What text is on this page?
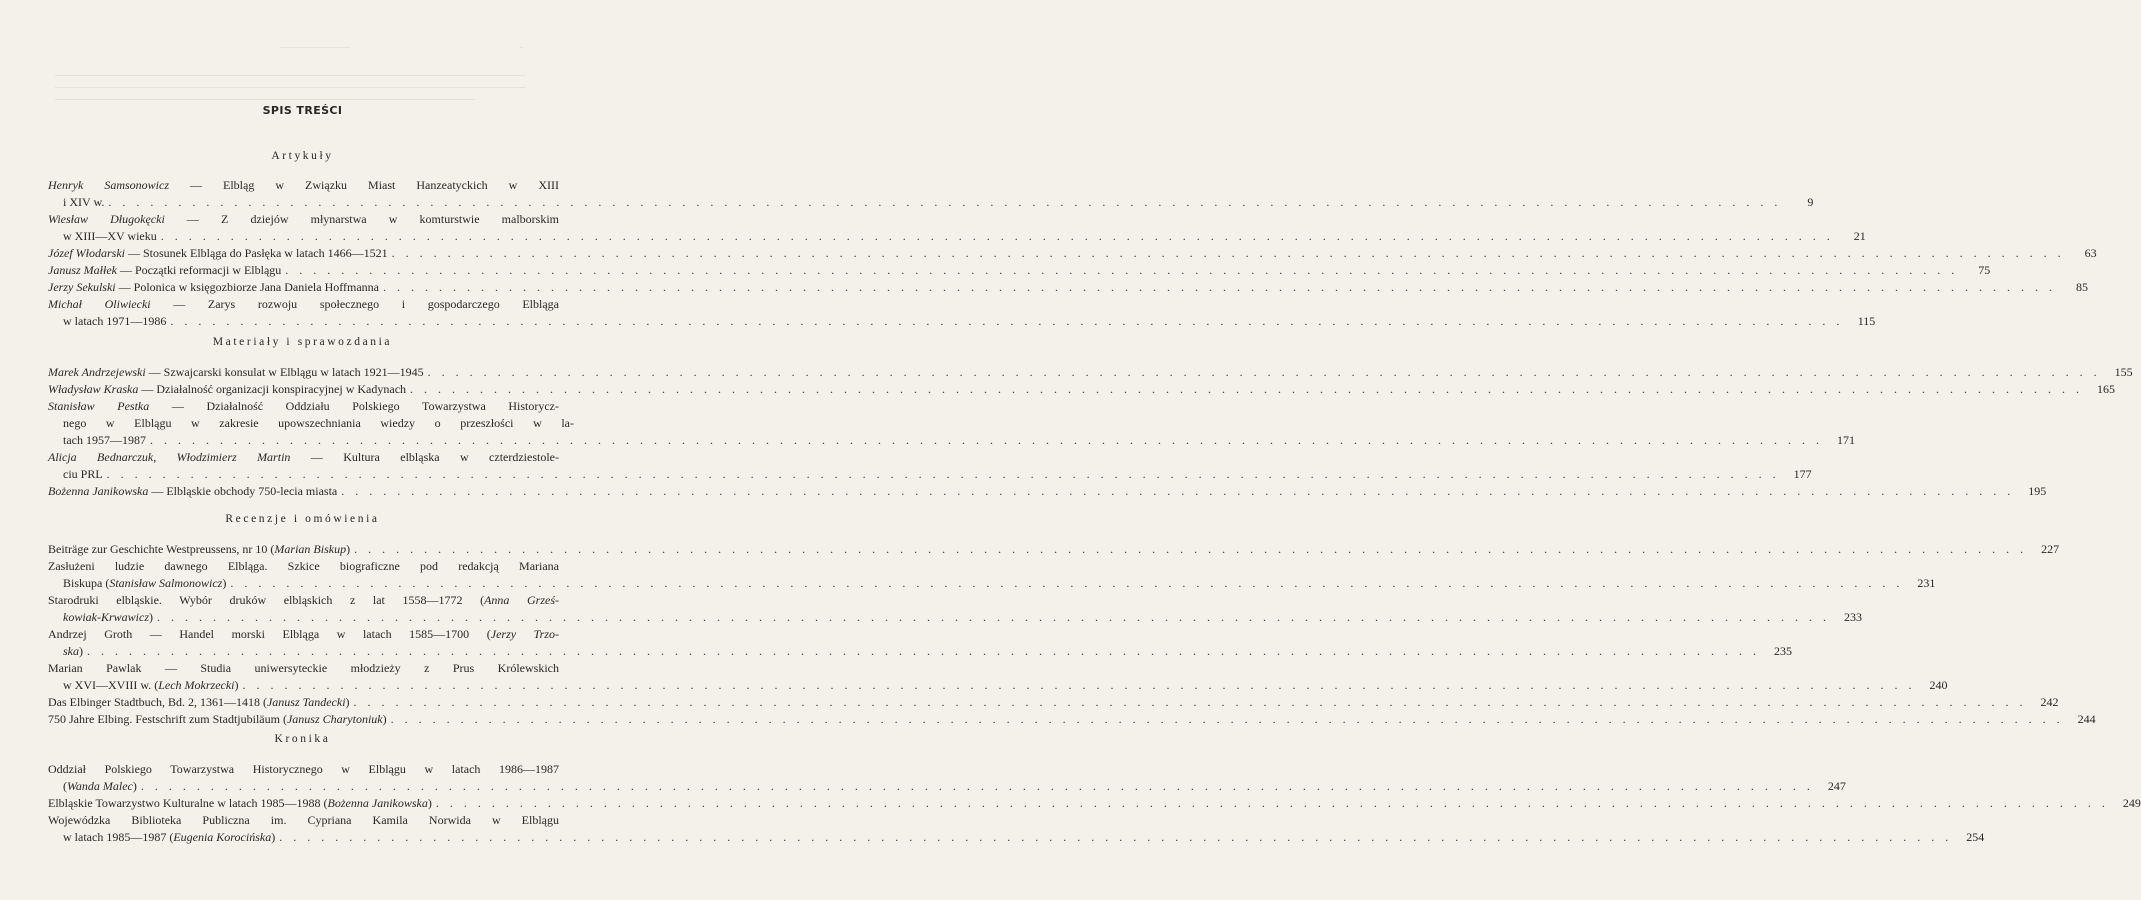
SPIS TREŚCI
Artykuły
Henryk Samsonowicz — Elbląg w Związku Miast Hanzeatyckich w XIII
i XIV w. . . . . . . . . . . . . . . . . . . . . . . . . . . . . . . . . . . . . . . . . . . . . . . . . . . . . . . . . . . . . . . . . . . . . . . . . . . . . . . . . . . . . . . . . . . . . . . . . . . . . . . . . . . . . . . . . . . . . . . . .	9
Wiesław Długokęcki — Z dziejów młynarstwa w komturstwie malborskim
w XIII—XV wieku . . . . . . . . . . . . . . . . . . . . . . . . . . . . . . . . . . . . . . . . . . . . . . . . . . . . . . . . . . . . . . . . . . . . . . . . . . . . . . . . . . . . . . . . . . . . . . . . . . . . . . . . . . . . . . . . . . . . . . . .	21
Józef Włodarski — Stosunek Elbląga do Pasłęka w latach 1466—1521 . . . . . . . . . . . . . . . . . . . . . . . . . . . . . . . . . . . . . . . . . . . . . . . . . . . . . . . . . . . . . . . . . . . . . . . . . . . . . . . . . . . . . . . . . . . . . . . . . . . . . . . . . . . . . . . . . . . . . . . .	63
Janusz Małłek — Początki reformacji w Elblągu . . . . . . . . . . . . . . . . . . . . . . . . . . . . . . . . . . . . . . . . . . . . . . . . . . . . . . . . . . . . . . . . . . . . . . . . . . . . . . . . . . . . . . . . . . . . . . . . . . . . . . . . . . . . . . . . . . . . . . . .	75
Jerzy Sekulski — Polonica w księgozbiorze Jana Daniela Hoffmanna . . . . . . . . . . . . . . . . . . . . . . . . . . . . . . . . . . . . . . . . . . . . . . . . . . . . . . . . . . . . . . . . . . . . . . . . . . . . . . . . . . . . . . . . . . . . . . . . . . . . . . . . . . . . . . . . . . . . . . . .	85
Michał Oliwiecki — Zarys rozwoju społecznego i gospodarczego Elbląga
w latach 1971—1986 . . . . . . . . . . . . . . . . . . . . . . . . . . . . . . . . . . . . . . . . . . . . . . . . . . . . . . . . . . . . . . . . . . . . . . . . . . . . . . . . . . . . . . . . . . . . . . . . . . . . . . . . . . . . . . . . . . . . . . . .	115
Materiały i sprawozdania
Marek Andrzejewski — Szwajcarski konsulat w Elblągu w latach 1921—1945 . . . . . . . . . . . . . . . . . . . . . . . . . . . . . . . . . . . . . . . . . . . . . . . . . . . . . . . . . . . . . . . . . . . . . . . . . . . . . . . . . . . . . . . . . . . . . . . . . . . . . . . . . . . . . . . . . . . . . . . .	155
Władysław Kraska — Działalność organizacji konspiracyjnej w Kadynach . . . . . . . . . . . . . . . . . . . . . . . . . . . . . . . . . . . . . . . . . . . . . . . . . . . . . . . . . . . . . . . . . . . . . . . . . . . . . . . . . . . . . . . . . . . . . . . . . . . . . . . . . . . . . . . . . . . . . . . .	165
Stanisław Pestka — Działalność Oddziału Polskiego Towarzystwa Historycz-
nego w Elblągu w zakresie upowszechniania wiedzy o przeszłości w la-
tach 1957—1987 . . . . . . . . . . . . . . . . . . . . . . . . . . . . . . . . . . . . . . . . . . . . . . . . . . . . . . . . . . . . . . . . . . . . . . . . . . . . . . . . . . . . . . . . . . . . . . . . . . . . . . . . . . . . . . . . . . . . . . . .	171
Alicja Bednarczuk, Włodzimierz Martin — Kultura elbląska w czterdziestole-
ciu PRL . . . . . . . . . . . . . . . . . . . . . . . . . . . . . . . . . . . . . . . . . . . . . . . . . . . . . . . . . . . . . . . . . . . . . . . . . . . . . . . . . . . . . . . . . . . . . . . . . . . . . . . . . . . . . . . . . . . . . . . .	177
Bożenna Janikowska — Elbląskie obchody 750-lecia miasta . . . . . . . . . . . . . . . . . . . . . . . . . . . . . . . . . . . . . . . . . . . . . . . . . . . . . . . . . . . . . . . . . . . . . . . . . . . . . . . . . . . . . . . . . . . . . . . . . . . . . . . . . . . . . . . . . . . . . . . .	195
Recenzje i omówienia
Beiträge zur Geschichte Westpreussens, nr 10 (Marian Biskup) . . . . . . . . . . . . . . . . . . . . . . . . . . . . . . . . . . . . . . . . . . . . . . . . . . . . . . . . . . . . . . . . . . . . . . . . . . . . . . . . . . . . . . . . . . . . . . . . . . . . . . . . . . . . . . . . . . . . . . . .	227
Zasłużeni ludzie dawnego Elbląga. Szkice biograficzne pod redakcją Mariana
Biskupa (Stanisław Salmonowicz) . . . . . . . . . . . . . . . . . . . . . . . . . . . . . . . . . . . . . . . . . . . . . . . . . . . . . . . . . . . . . . . . . . . . . . . . . . . . . . . . . . . . . . . . . . . . . . . . . . . . . . . . . . . . . . . . . . . . . . . .	231
Starodruki elbląskie. Wybór druków elbląskich z lat 1558—1772 (Anna Grześ-
kowiak-Krwawicz) . . . . . . . . . . . . . . . . . . . . . . . . . . . . . . . . . . . . . . . . . . . . . . . . . . . . . . . . . . . . . . . . . . . . . . . . . . . . . . . . . . . . . . . . . . . . . . . . . . . . . . . . . . . . . . . . . . . . . . . .	233
Andrzej Groth — Handel morski Elbląga w latach 1585—1700 (Jerzy Trzo-
ska) . . . . . . . . . . . . . . . . . . . . . . . . . . . . . . . . . . . . . . . . . . . . . . . . . . . . . . . . . . . . . . . . . . . . . . . . . . . . . . . . . . . . . . . . . . . . . . . . . . . . . . . . . . . . . . . . . . . . . . . .	235
Marian Pawlak — Studia uniwersyteckie młodzieży z Prus Królewskich
w XVI—XVIII w. (Lech Mokrzecki) . . . . . . . . . . . . . . . . . . . . . . . . . . . . . . . . . . . . . . . . . . . . . . . . . . . . . . . . . . . . . . . . . . . . . . . . . . . . . . . . . . . . . . . . . . . . . . . . . . . . . . . . . . . . . . . . . . . . . . . .	240
Das Elbinger Stadtbuch, Bd. 2, 1361—1418 (Janusz Tandecki) . . . . . . . . . . . . . . . . . . . . . . . . . . . . . . . . . . . . . . . . . . . . . . . . . . . . . . . . . . . . . . . . . . . . . . . . . . . . . . . . . . . . . . . . . . . . . . . . . . . . . . . . . . . . . . . . . . . . . . . .	242
750 Jahre Elbing. Festschrift zum Stadtjubiläum (Janusz Charytoniuk) . . . . . . . . . . . . . . . . . . . . . . . . . . . . . . . . . . . . . . . . . . . . . . . . . . . . . . . . . . . . . . . . . . . . . . . . . . . . . . . . . . . . . . . . . . . . . . . . . . . . . . . . . . . . . . . . . . . . . . . .	244
Kronika
Oddział Polskiego Towarzystwa Historycznego w Elblągu w latach 1986—1987
(Wanda Malec) . . . . . . . . . . . . . . . . . . . . . . . . . . . . . . . . . . . . . . . . . . . . . . . . . . . . . . . . . . . . . . . . . . . . . . . . . . . . . . . . . . . . . . . . . . . . . . . . . . . . . . . . . . . . . . . . . . . . . . . .	247
Elbląskie Towarzystwo Kulturalne w latach 1985—1988 (Bożenna Janikowska) . . . . . . . . . . . . . . . . . . . . . . . . . . . . . . . . . . . . . . . . . . . . . . . . . . . . . . . . . . . . . . . . . . . . . . . . . . . . . . . . . . . . . . . . . . . . . . . . . . . . . . . . . . . . . . . . . . . . . . . .	249
Wojewódzka Biblioteka Publiczna im. Cypriana Kamila Norwida w Elblągu
w latach 1985—1987 (Eugenia Korocińska) . . . . . . . . . . . . . . . . . . . . . . . . . . . . . . . . . . . . . . . . . . . . . . . . . . . . . . . . . . . . . . . . . . . . . . . . . . . . . . . . . . . . . . . . . . . . . . . . . . . . . . . . . . . . . . . . . . . . . . . .	254
